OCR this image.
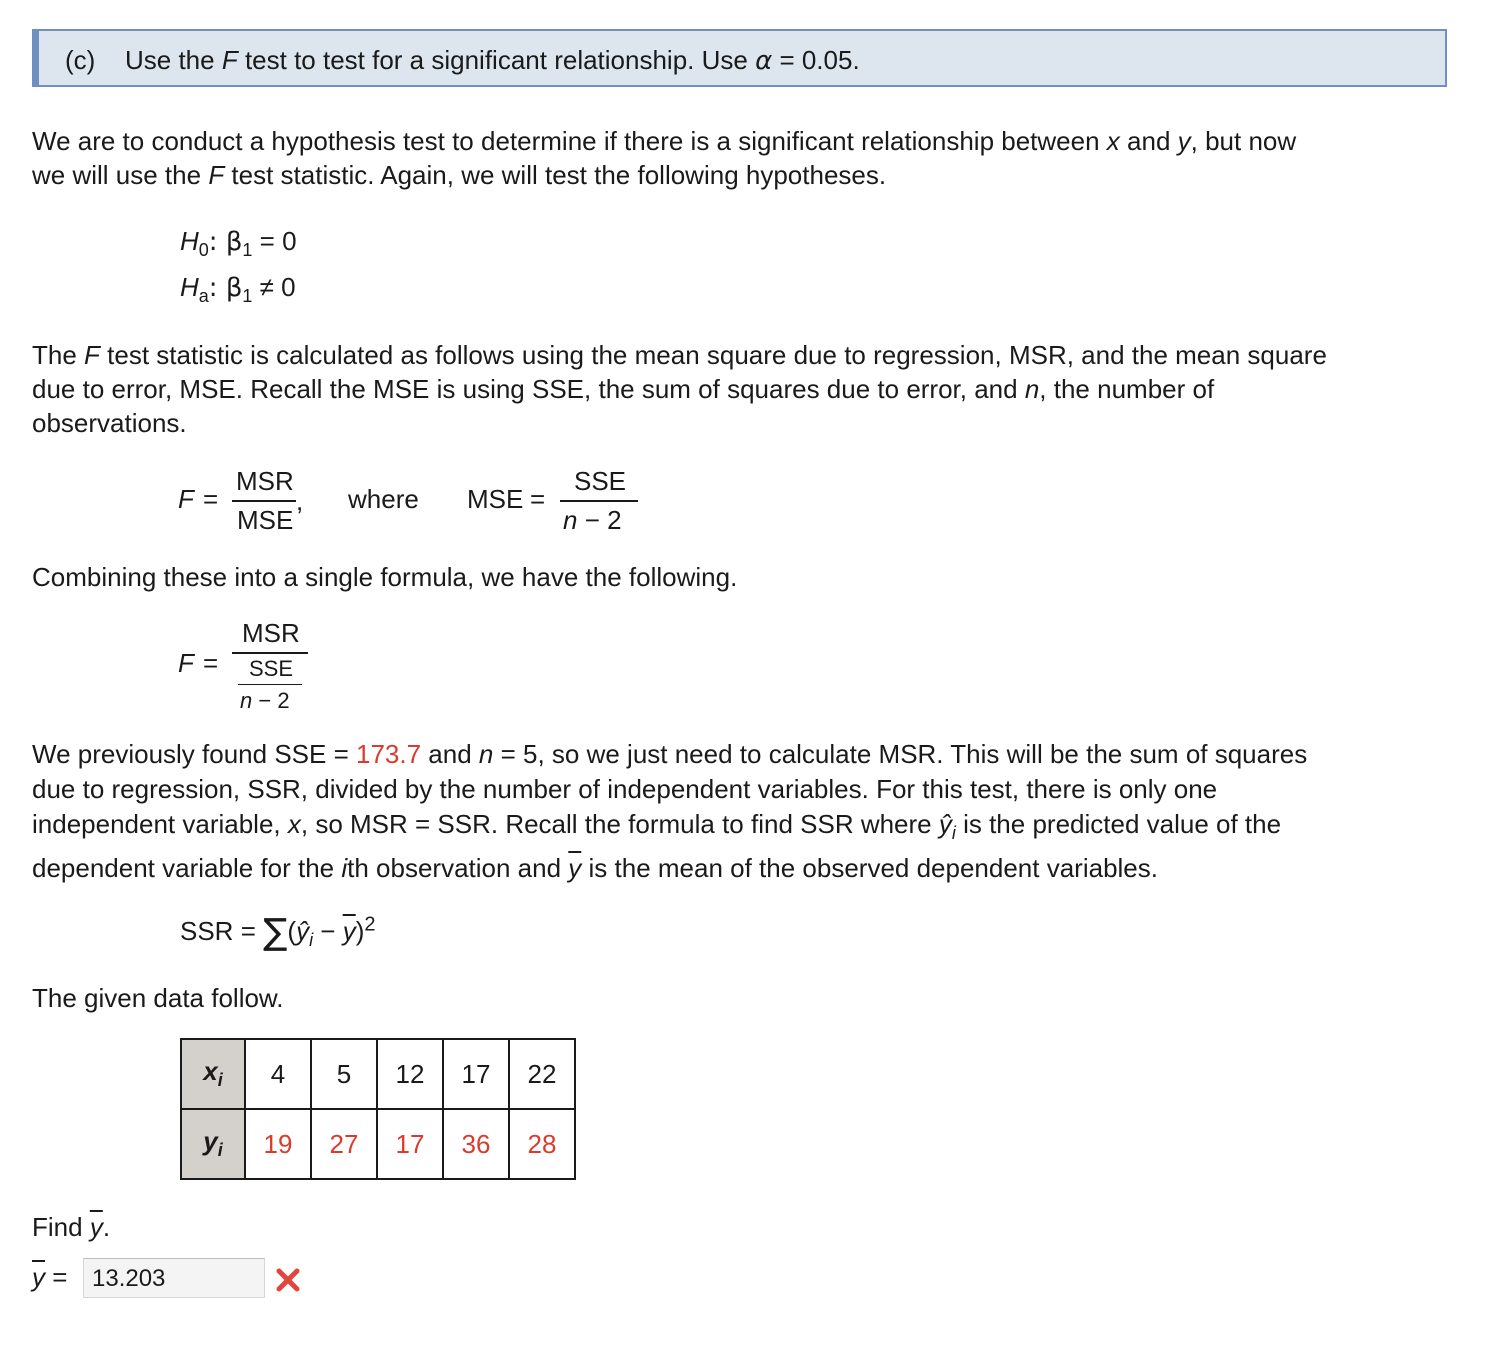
(c) Use the F test to test for a significant relationship. Use α = 0.05.
We are to conduct a hypothesis test to determine if there is a significant relationship between x and y, but now
we will use the F test statistic. Again, we will test the following hypotheses.
$H_0$: $\beta_1 = 0$
$H_a$: $\beta_1 \ne 0$
The F test statistic is calculated as follows using the mean square due to regression, MSR, and the mean square
due to error, MSE. Recall the MSE is using SSE, the sum of squares due to error, and n, the number of
observations.
F =
MSR
MSE
, where MSE =
SSE
n − 2
Combining these into a single formula, we have the following.
F =
MSR
SSE
n − 2
We previously found SSE = 173.7 and n = 5, so we just need to calculate MSR. This will be the sum of squares
due to regression, SSR, divided by the number of independent variables. For this test, there is only one
independent variable, x, so MSR = SSR. Recall the formula to find SSR where $ŷ_i$ is the predicted value of the
dependent variable for the ith observation and $\overline{y}$ is the mean of the observed dependent variables.
SSR = $\sum(ŷ_i - \overline{y})^2$
The given data follow.
$x_i$	4	5	12	17	22
$y_i$	19	27	17	36	28
Find $\overline{y}$.
$\overline{y}$ =	13.203
